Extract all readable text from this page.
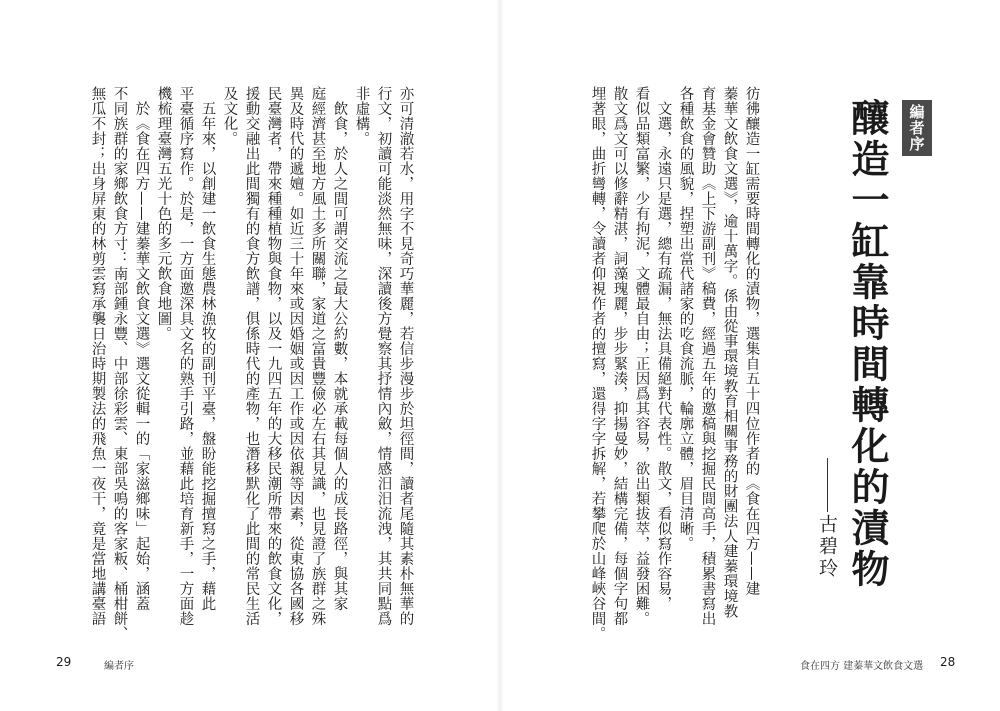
編者序
釀造一缸靠時間轉化的漬物
古碧玲
彷彿釀造一缸需要時間轉化的漬物，選集自五十四位作者的《食在四方——建
蓁華文飲食文選》，逾十萬字。係由從事環境教育相關事務的財團法人建蓁環境教
育基金會贊助《上下游副刊》稿費，經過五年的邀稿與挖掘民間高手，積累書寫出
各種飲食的風貌，捏塑出當代諸家的吃食流脈，輪廓立體，眉目清晰。
　文選，永遠只是選，總有疏漏，無法具備絕對代表性。散文，看似寫作容易，
看似品類富繁，少有拘泥，文體最自由；正因爲其容易，欲出類拔萃，益發困難。
散文爲文可以修辭精湛，詞藻瑰麗，步步緊湊，抑揚曼妙，結構完備，每個字句都
埋著眼，曲折彎轉，令讀者仰視作者的擅寫，還得字字拆解，若攀爬於山峰峽谷間。
食在四方 建蓁華文飲食文選 28
亦可清澈若水，用字不見奇巧華麗，若信步漫步於坦徑間，讀者尾隨其素朴無華的
行文，初讀可能淡然無味，深讀後方覺察其抒情內斂，情感汨汨流洩，其共同點爲
非虛構。
　飲食，於人之間可謂交流之最大公約數，本就承載每個人的成長路徑，與其家
庭經濟甚至地方風土多所關聯，家道之富貴豐儉必左右其見識，也見證了族群之殊
異及時代的遞嬗。如近三十年來或因婚姻或因工作或因依親等因素，從東協各國移
民臺灣者，帶來種種植物與食物，以及一九四五年的大移民潮所帶來的飲食文化，
援動交融出此間獨有的食方飲譜，俱係時代的產物，也潛移默化了此間的常民生活
及文化。
　五年來，以創建一飲食生態農林漁牧的副刊平臺，盤盼能挖掘擅寫之手，藉此
平臺循序寫作。於是，一方面邀深具文名的熟手引路，並藉此培育新手，一方面趁
機梳理臺灣五光十色的多元飲食地圖。
　於《食在四方——建蓁華文飲食文選》選文從輯一的「家滋鄉味」起始，涵蓋
不同族群的家鄉飲食方寸：南部鍾永豐、中部徐彩雲、東部吳鳴的客家粄、桶柑餅、
無瓜不封；出身屏東的林剪雲寫承襲日治時期製法的飛魚一夜干，竟是當地講臺語
29	編者序
